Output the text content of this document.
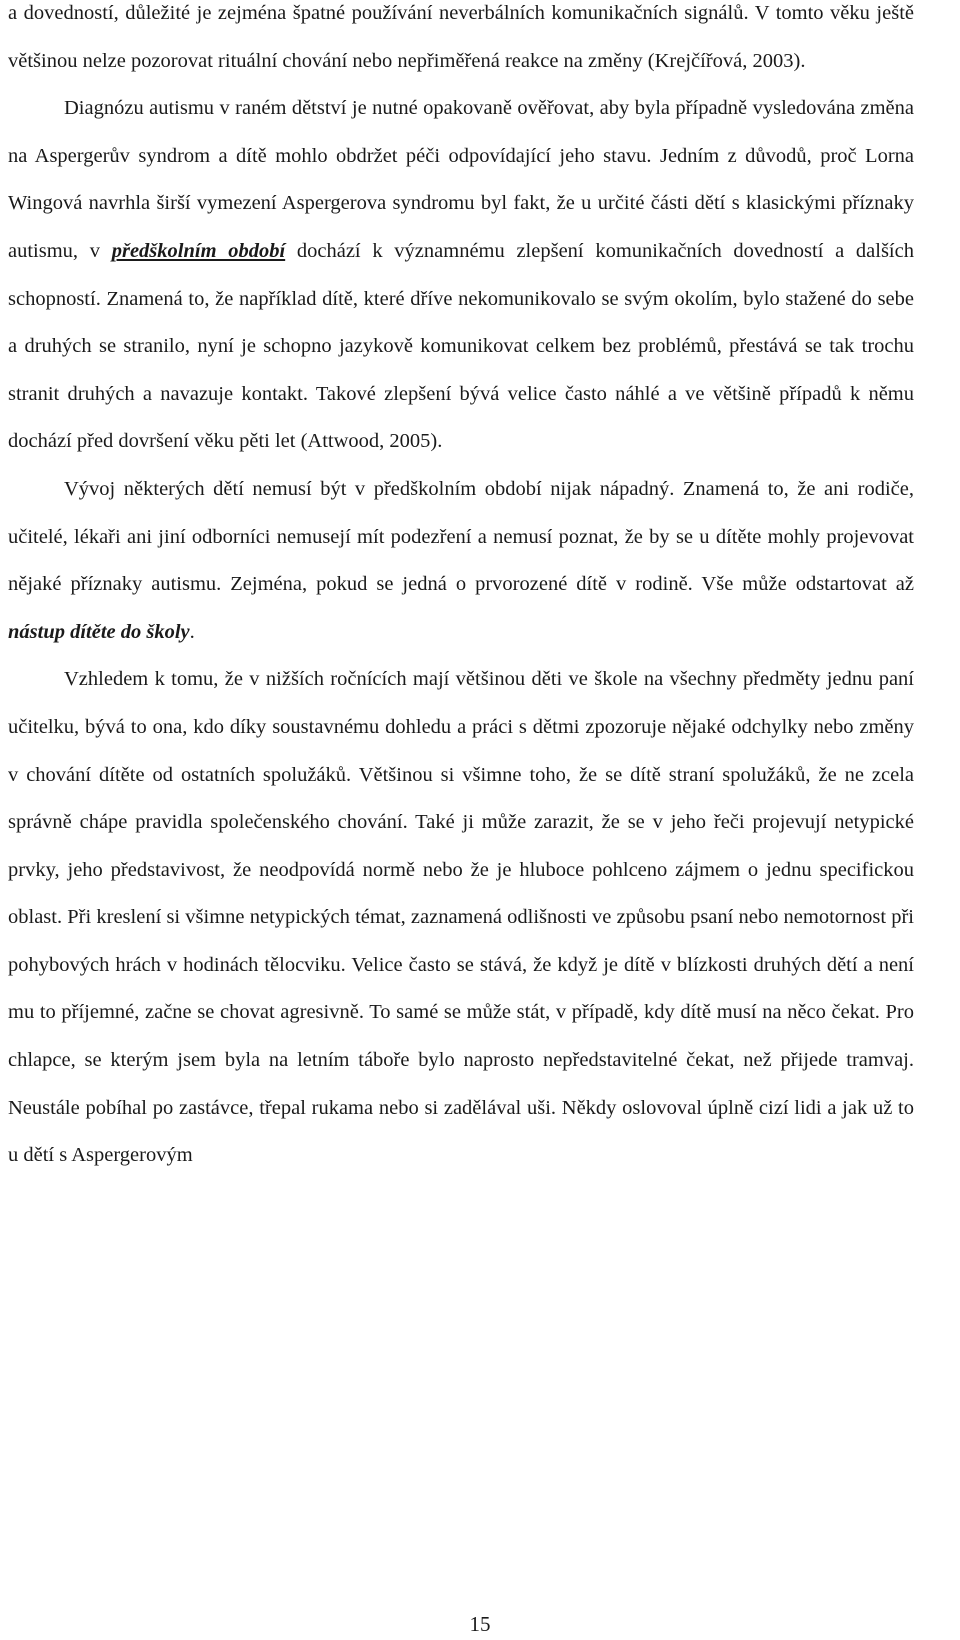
a dovedností, důležité je zejména špatné používání neverbálních komunikačních signálů. V tomto věku ještě většinou nelze pozorovat rituální chování nebo nepřiměřená reakce na změny (Krejčířová, 2003).

Diagnózu autismu v raném dětství je nutné opakovaně ověřovat, aby byla případně vysledována změna na Aspergerův syndrom a dítě mohlo obdržet péči odpovídající jeho stavu. Jedním z důvodů, proč Lorna Wingová navrhla širší vymezení Aspergerova syndromu byl fakt, že u určité části dětí s klasickými příznaky autismu, v předškolním období dochází k významnému zlepšení komunikačních dovedností a dalších schopností. Znamená to, že například dítě, které dříve nekomunikovalo se svým okolím, bylo stažené do sebe a druhých se stranilo, nyní je schopno jazykově komunikovat celkem bez problémů, přestává se tak trochu stranit druhých a navazuje kontakt. Takové zlepšení bývá velice často náhlé a ve většině případů k němu dochází před dovršení věku pěti let (Attwood, 2005).

Vývoj některých dětí nemusí být v předškolním období nijak nápadný. Znamená to, že ani rodiče, učitelé, lékaři ani jiní odborníci nemusejí mít podezření a nemusí poznat, že by se u dítěte mohly projevovat nějaké příznaky autismu. Zejména, pokud se jedná o prvorozené dítě v rodině. Vše může odstartovat až nástup dítěte do školy.

Vzhledem k tomu, že v nižších ročnících mají většinou děti ve škole na všechny předměty jednu paní učitelku, bývá to ona, kdo díky soustavnému dohledu a práci s dětmi zpozoruje nějaké odchylky nebo změny v chování dítěte od ostatních spolužáků. Většinou si všimne toho, že se dítě straní spolužáků, že ne zcela správně chápe pravidla společenského chování. Také ji může zarazit, že se v jeho řeči projevují netypické prvky, jeho představivost, že neodpovídá normě nebo že je hluboce pohlceno zájmem o jednu specifickou oblast. Při kreslení si všimne netypických témat, zaznamená odlišnosti ve způsobu psaní nebo nemotornost při pohybových hrách v hodinách tělocviku. Velice často se stává, že když je dítě v blízkosti druhých dětí a není mu to příjemné, začne se chovat agresivně. To samé se může stát, v případě, kdy dítě musí na něco čekat. Pro chlapce, se kterým jsem byla na letním táboře bylo naprosto nepředstavitelné čekat, než přijede tramvaj. Neustále pobíhal po zastávce, třepal rukama nebo si zadělával uši. Někdy oslovoval úplně cizí lidi a jak už to u dětí s Aspergerovým

15
